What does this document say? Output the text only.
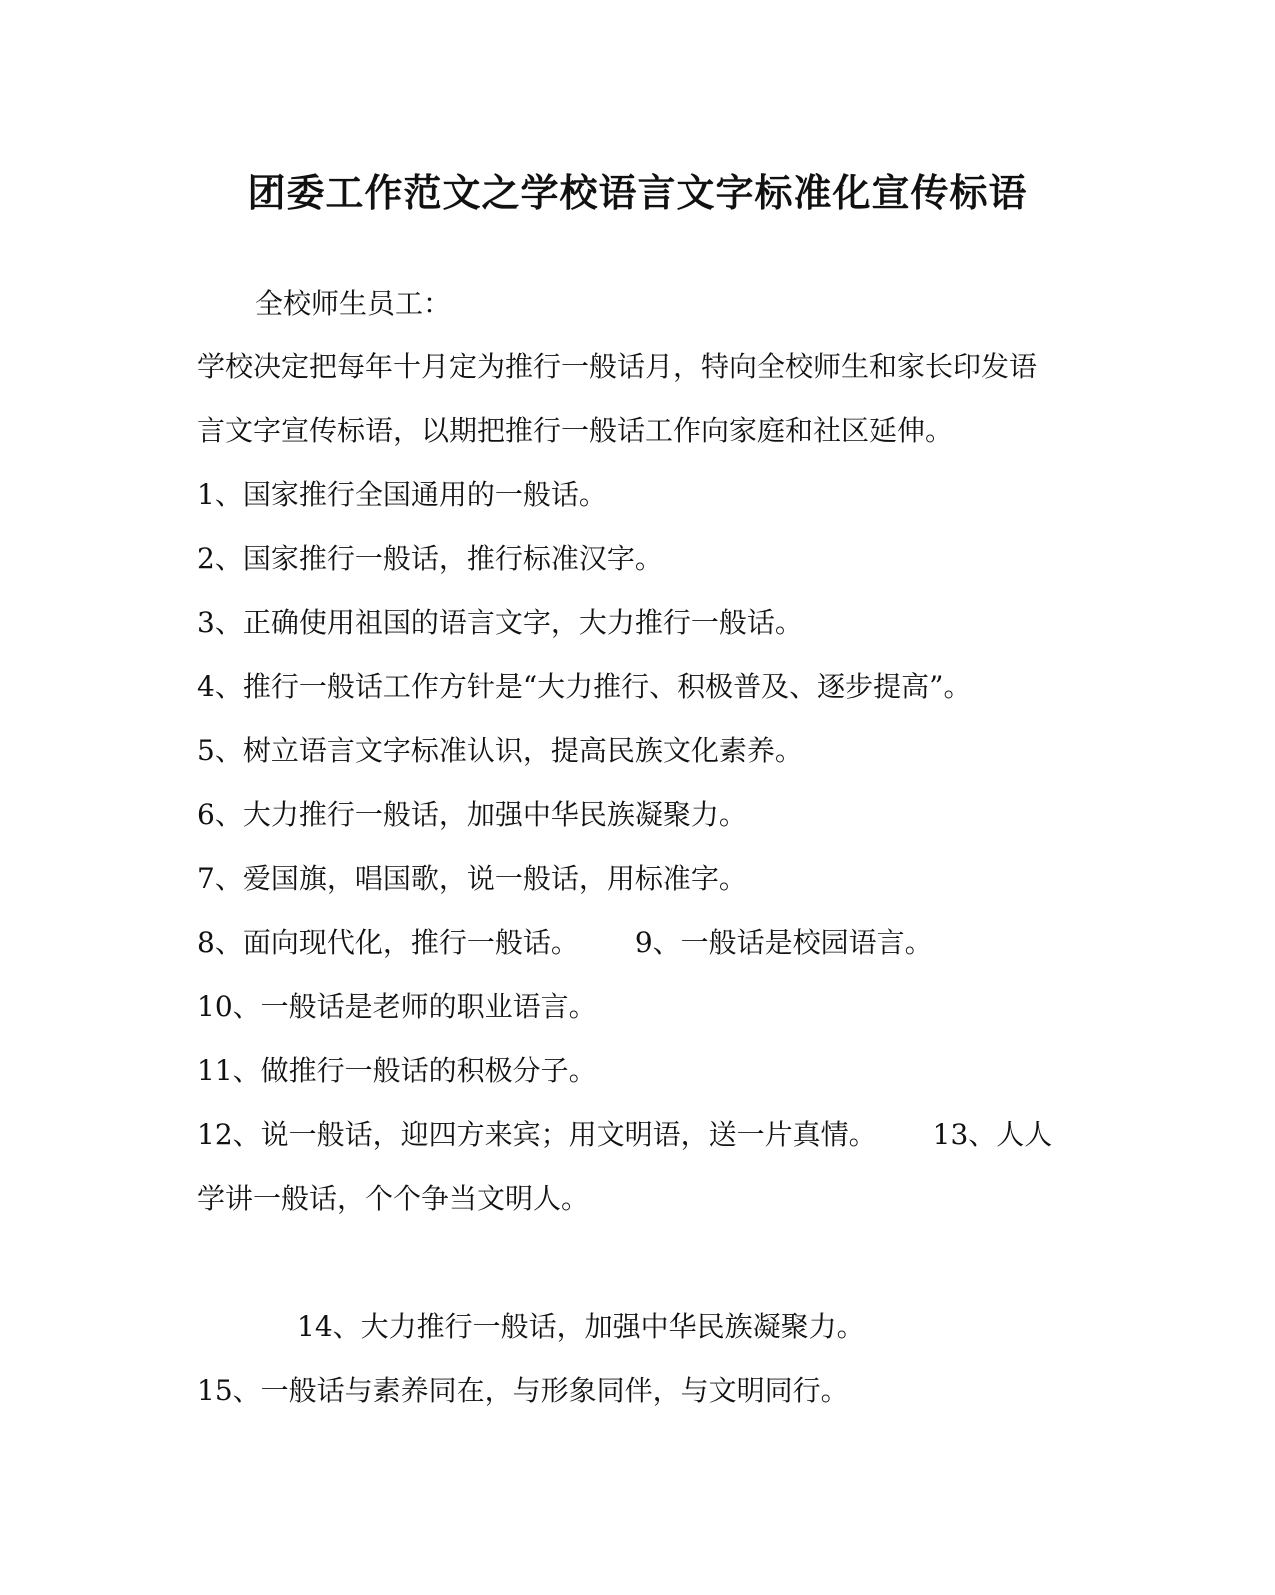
团委工作范文之学校语言文字标准化宣传标语
全校师生员工：
学校决定把每年十月定为推行一般话月，特向全校师生和家长印发语
言文字宣传标语，以期把推行一般话工作向家庭和社区延伸。
1、国家推行全国通用的一般话。
2、国家推行一般话，推行标准汉字。
3、正确使用祖国的语言文字，大力推行一般话。
4、推行一般话工作方针是“大力推行、积极普及、逐步提高”。
5、树立语言文字标准认识，提高民族文化素养。
6、大力推行一般话，加强中华民族凝聚力。
7、爱国旗，唱国歌，说一般话，用标准字。
8、面向现代化，推行一般话。 9、一般话是校园语言。
10、一般话是老师的职业语言。
11、做推行一般话的积极分子。
12、说一般话，迎四方来宾；用文明语，送一片真情。 13、人人
学讲一般话，个个争当文明人。
14、大力推行一般话，加强中华民族凝聚力。
15、一般话与素养同在，与形象同伴，与文明同行。
